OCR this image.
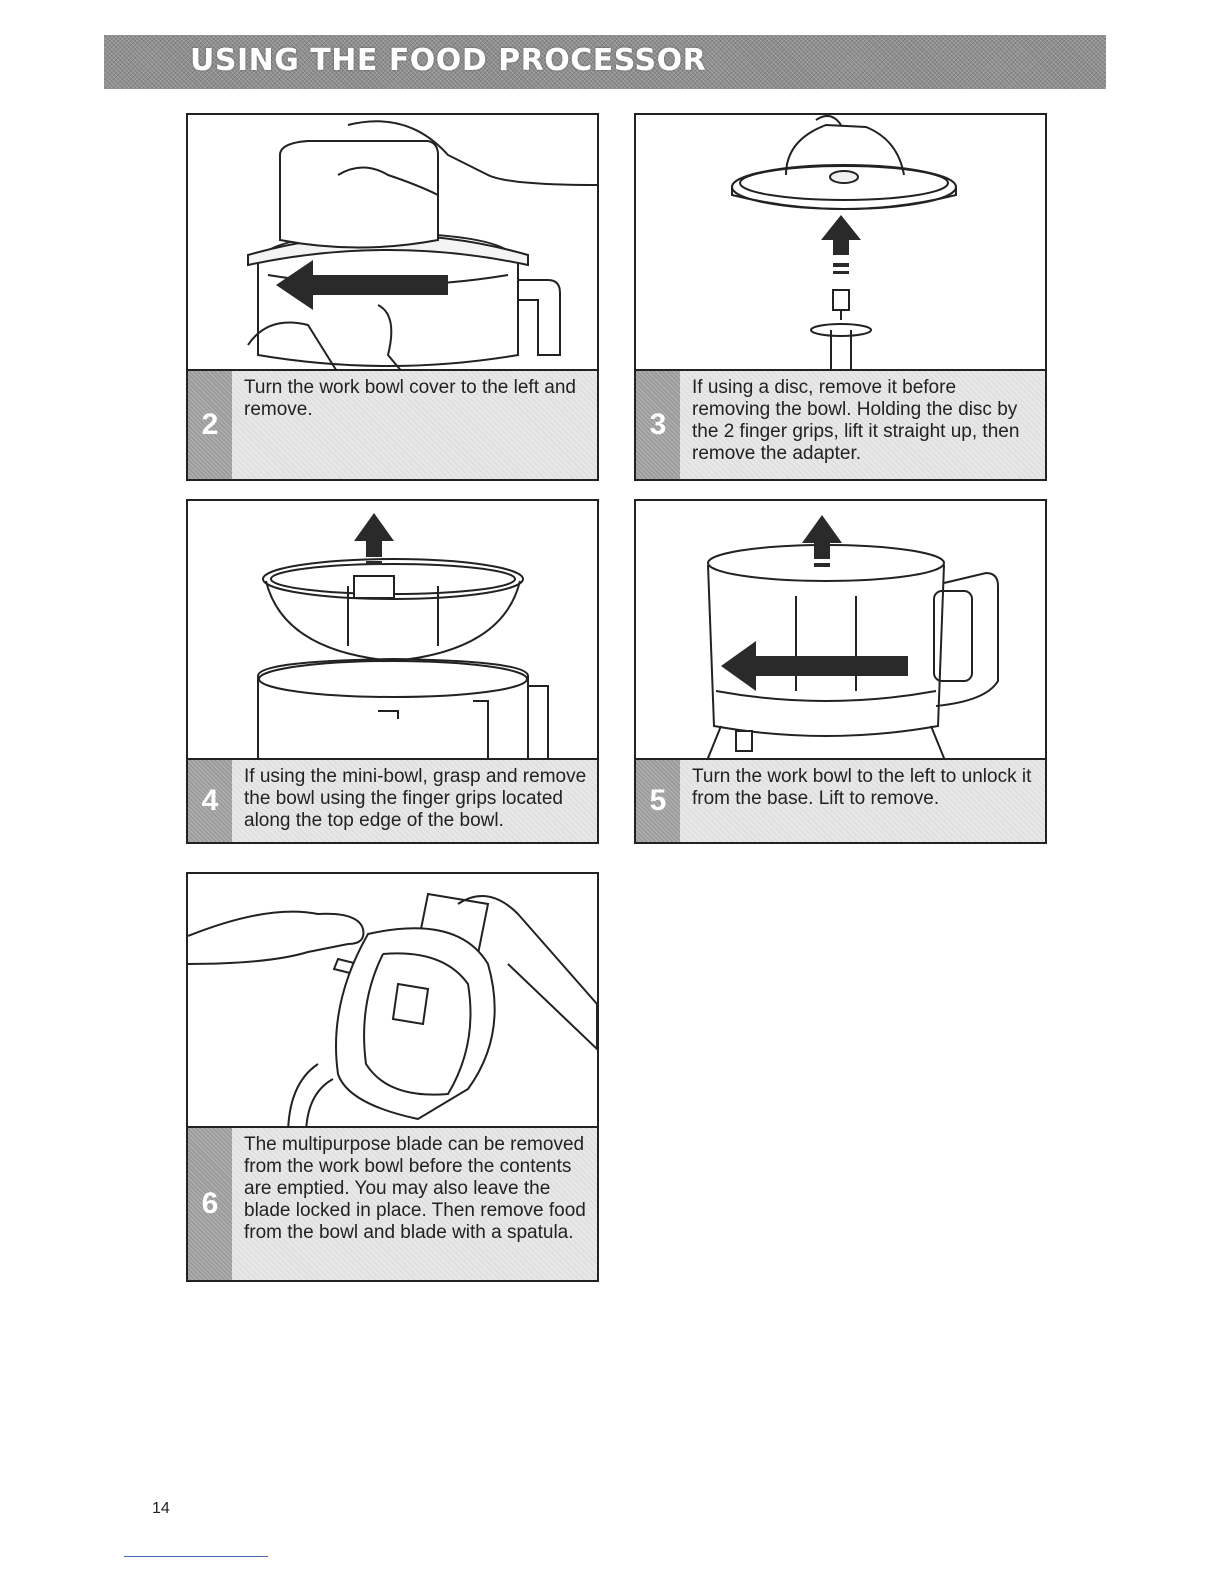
USING THE FOOD PROCESSOR
2
Turn the work bowl cover to the left and remove.	3
If using a disc, remove it before removing the bowl. Holding the disc by the 2 finger grips, lift it straight up, then remove the adapter.
4
If using the mini-bowl, grasp and remove the bowl using the finger grips located along the top edge of the bowl.
5
Turn the work bowl to the left to unlock it from the base. Lift to remove.
6
The multipurpose blade can be removed from the work bowl before the contents are emptied. You may also leave the blade locked in place. Then remove food from the bowl and blade with a spatula.
14
